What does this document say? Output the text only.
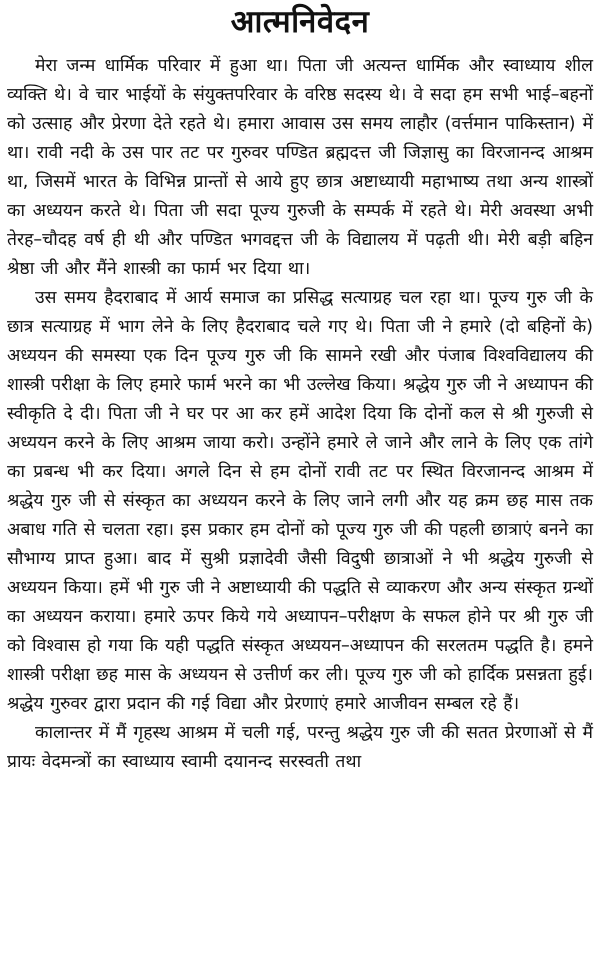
आत्मनिवेदन

मेरा जन्म धार्मिक परिवार में हुआ था। पिता जी अत्यन्त धार्मिक और स्वाध्याय शील व्यक्ति थे। वे चार भाईयों के संयुक्तपरिवार के वरिष्ठ सदस्य थे। वे सदा हम सभी भाई–बहनों को उत्साह और प्रेरणा देते रहते थे। हमारा आवास उस समय लाहौर (वर्त्तमान पाकिस्तान) में था। रावी नदी के उस पार तट पर गुरुवर पण्डित ब्रह्मदत्त जी जिज्ञासु का विरजानन्द आश्रम था, जिसमें भारत के विभिन्न प्रान्तों से आये हुए छात्र अष्टाध्यायी महाभाष्य तथा अन्य शास्त्रों का अध्ययन करते थे। पिता जी सदा पूज्य गुरुजी के सम्पर्क में रहते थे। मेरी अवस्था अभी तेरह–चौदह वर्ष ही थी और पण्डित भगवद्दत्त जी के विद्यालय में पढ़ती थी। मेरी बड़ी बहिन श्रेष्ठा जी और मैंने शास्त्री का फार्म भर दिया था।

उस समय हैदराबाद में आर्य समाज का प्रसिद्ध सत्याग्रह चल रहा था। पूज्य गुरु जी के छात्र सत्याग्रह में भाग लेने के लिए हैदराबाद चले गए थे। पिता जी ने हमारे (दो बहिनों के) अध्ययन की समस्या एक दिन पूज्य गुरु जी कि सामने रखी और पंजाब विश्वविद्यालय की शास्त्री परीक्षा के लिए हमारे फार्म भरने का भी उल्लेख किया। श्रद्धेय गुरु जी ने अध्यापन की स्वीकृति दे दी। पिता जी ने घर पर आ कर हमें आदेश दिया कि दोनों कल से श्री गुरुजी से अध्ययन करने के लिए आश्रम जाया करो। उन्होंने हमारे ले जाने और लाने के लिए एक तांगे का प्रबन्ध भी कर दिया। अगले दिन से हम दोनों रावी तट पर स्थित विरजानन्द आश्रम में श्रद्धेय गुरु जी से संस्कृत का अध्ययन करने के लिए जाने लगी और यह क्रम छह मास तक अबाध गति से चलता रहा। इस प्रकार हम दोनों को पूज्य गुरु जी की पहली छात्राएं बनने का सौभाग्य प्राप्त हुआ। बाद में सुश्री प्रज्ञादेवी जैसी विदुषी छात्राओं ने भी श्रद्धेय गुरुजी से अध्ययन किया। हमें भी गुरु जी ने अष्टाध्यायी की पद्धति से व्याकरण और अन्य संस्कृत ग्रन्थों का अध्ययन कराया। हमारे ऊपर किये गये अध्यापन–परीक्षण के सफल होने पर श्री गुरु जी को विश्वास हो गया कि यही पद्धति संस्कृत अध्ययन–अध्यापन की सरलतम पद्धति है। हमने शास्त्री परीक्षा छह मास के अध्ययन से उत्तीर्ण कर ली। पूज्य गुरु जी को हार्दिक प्रसन्नता हुई। श्रद्धेय गुरुवर द्वारा प्रदान की गई विद्या और प्रेरणाएं हमारे आजीवन सम्बल रहे हैं।

कालान्तर में मैं गृहस्थ आश्रम में चली गई, परन्तु श्रद्धेय गुरु जी की सतत प्रेरणाओं से मैं प्रायः वेदमन्त्रों का स्वाध्याय स्वामी दयानन्द सरस्वती तथा
